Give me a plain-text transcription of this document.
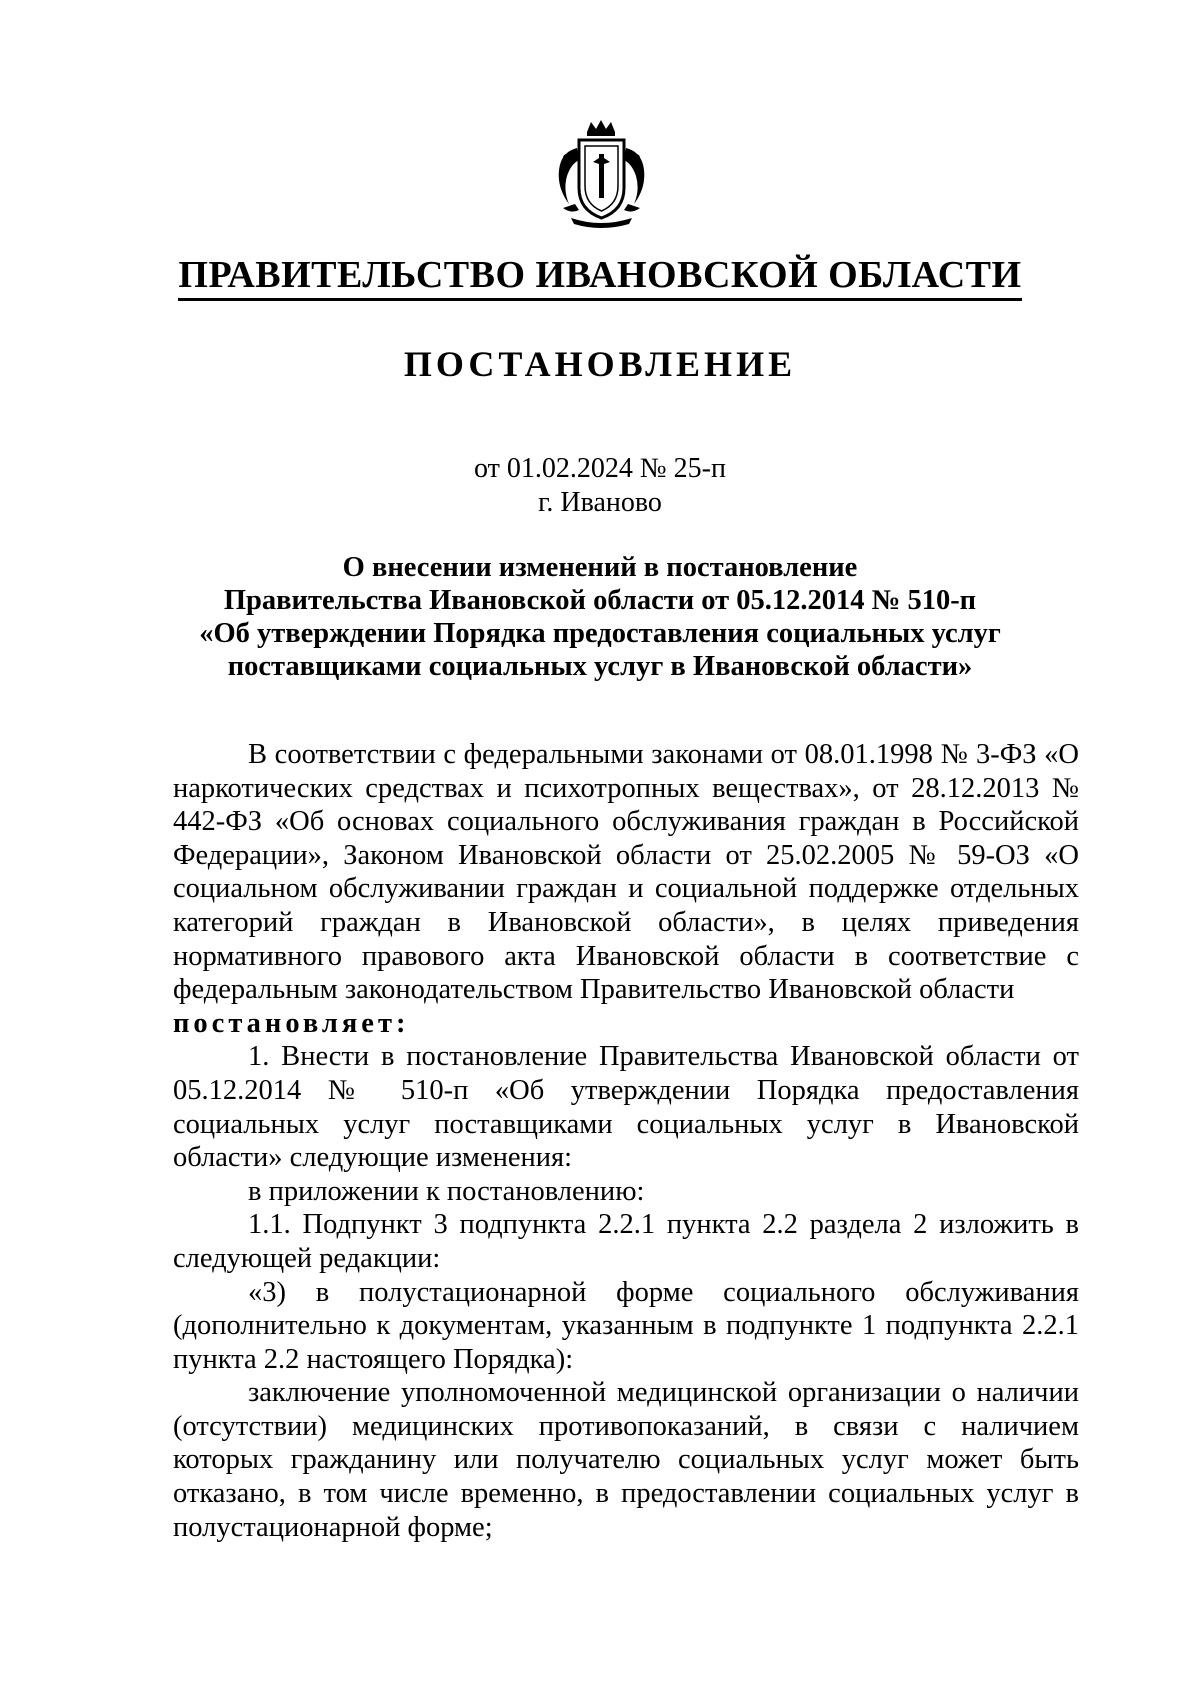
ПРАВИТЕЛЬСТВО ИВАНОВСКОЙ ОБЛАСТИ
ПОСТАНОВЛЕНИЕ
от 01.02.2024 № 25-п
г. Иваново
О внесении изменений в постановление
Правительства Ивановской области от 05.12.2014 № 510-п
«Об утверждении Порядка предоставления социальных услуг
поставщиками социальных услуг в Ивановской области»

В соответствии с федеральными законами от 08.01.1998 № 3-ФЗ «О наркотических средствах и психотропных веществах», от 28.12.2013 № 442-ФЗ «Об основах социального обслуживания граждан в Российской Федерации», Законом Ивановской области от 25.02.2005 № 59-ОЗ «О социальном обслуживании граждан и социальной поддержке отдельных категорий граждан в Ивановской области», в целях приведения нормативного правового акта Ивановской области в соответствие с федеральным законодательством Правительство Ивановской области

постановляет:

1. Внести в постановление Правительства Ивановской области от 05.12.2014 № 510-п «Об утверждении Порядка предоставления социальных услуг поставщиками социальных услуг в Ивановской области» следующие изменения:

в приложении к постановлению:

1.1. Подпункт 3 подпункта 2.2.1 пункта 2.2 раздела 2 изложить в следующей редакции:

«3) в полустационарной форме социального обслуживания (дополнительно к документам, указанным в подпункте 1 подпункта 2.2.1 пункта 2.2 настоящего Порядка):

заключение уполномоченной медицинской организации о наличии (отсутствии) медицинских противопоказаний, в связи с наличием которых гражданину или получателю социальных услуг может быть отказано, в том числе временно, в предоставлении социальных услуг в полустационарной форме;
